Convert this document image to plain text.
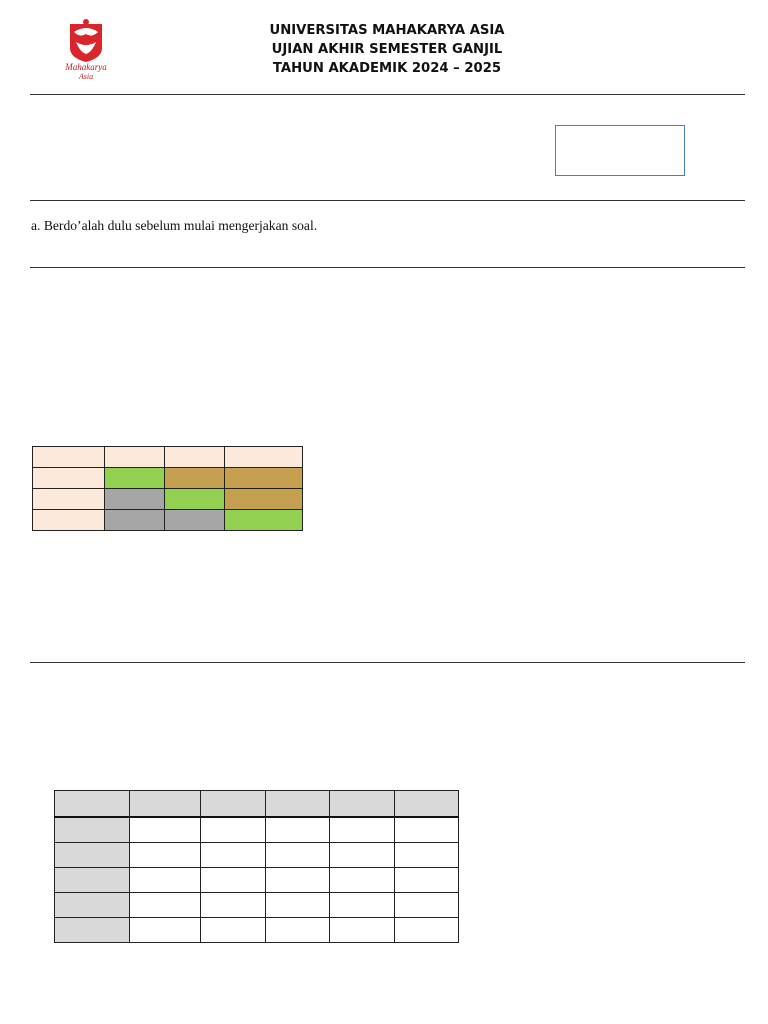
Mahakarya
Asia
UNIVERSITAS MAHAKARYA ASIA
UJIAN AKHIR SEMESTER GANJIL
TAHUN AKADEMIK 2024 – 2025
a. Berdo’alah dulu sebelum mulai mengerjakan soal.
